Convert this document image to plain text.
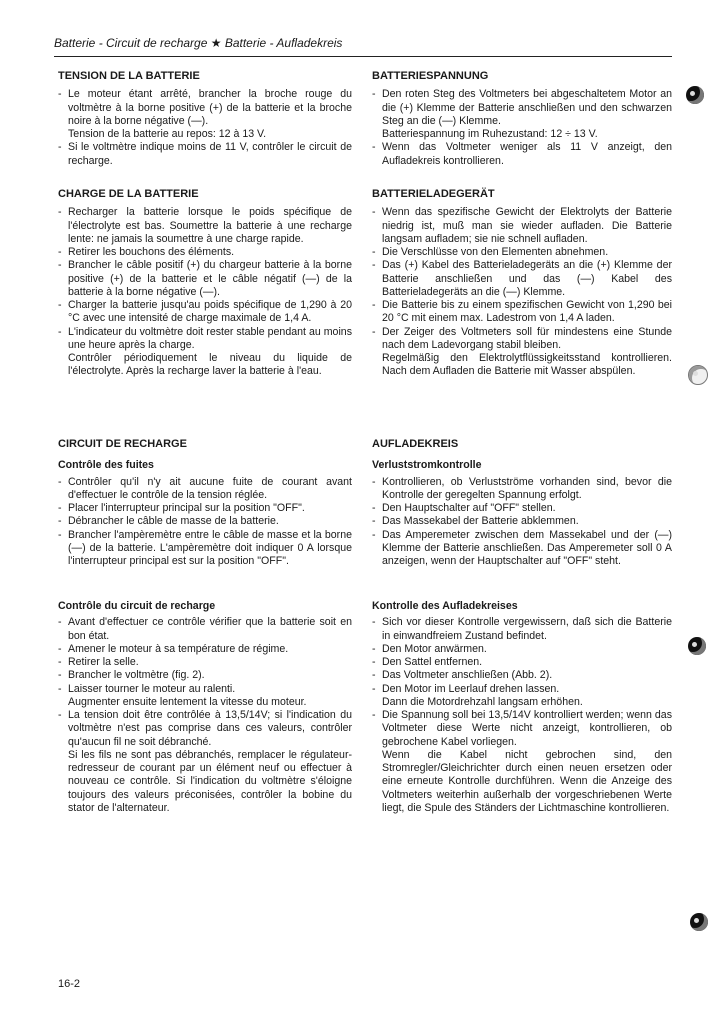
Batterie - Circuit de recharge ★ Batterie - Aufladekreis
TENSION DE LA BATTERIE
- Le moteur étant arrêté, brancher la broche rouge du voltmètre à la borne positive (+) de la batterie et la broche noire à la borne négative (—).
Tension de la batterie au repos: 12 à 13 V.
- Si le voltmètre indique moins de 11 V, contrôler le circuit de recharge.
CHARGE DE LA BATTERIE
- Recharger la batterie lorsque le poids spécifique de l'électrolyte est bas. Soumettre la batterie à une recharge lente: ne jamais la soumettre à une charge rapide.
- Retirer les bouchons des éléments.
- Brancher le câble positif (+) du chargeur batterie à la borne positive (+) de la batterie et le câble négatif (—) de la batterie à la borne négative (—).
- Charger la batterie jusqu'au poids spécifique de 1,290 à 20 °C avec une intensité de charge maximale de 1,4 A.
- L'indicateur du voltmètre doit rester stable pendant au moins une heure après la charge.
Contrôler périodiquement le niveau du liquide de l'électrolyte. Après la recharge laver la batterie à l'eau.
CIRCUIT DE RECHARGE
Contrôle des fuites
- Contrôler qu'il n'y ait aucune fuite de courant avant d'effectuer le contrôle de la tension réglée.
- Placer l'interrupteur principal sur la position "OFF".
- Débrancher le câble de masse de la batterie.
- Brancher l'ampèremètre entre le câble de masse et la borne (—) de la batterie. L'ampèremètre doit indiquer 0 A lorsque l'interrupteur principal est sur la position "OFF".
Contrôle du circuit de recharge
- Avant d'effectuer ce contrôle vérifier que la batterie soit en bon état.
- Amener le moteur à sa température de régime.
- Retirer la selle.
- Brancher le voltmètre (fig. 2).
- Laisser tourner le moteur au ralenti.
Augmenter ensuite lentement la vitesse du moteur.
- La tension doit être contrôlée à 13,5/14V; si l'indication du voltmètre n'est pas comprise dans ces valeurs, contrôler qu'aucun fil ne soit débranché.
Si les fils ne sont pas débranchés, remplacer le régulateur-redresseur de courant par un élément neuf ou effectuer à nouveau ce contrôle. Si l'indication du voltmètre s'éloigne toujours des valeurs préconisées, contrôler la bobine du stator de l'alternateur.
BATTERIESPANNUNG
- Den roten Steg des Voltmeters bei abgeschaltetem Motor an die (+) Klemme der Batterie anschließen und den schwarzen Steg an die (—) Klemme.
Batteriespannung im Ruhezustand: 12 ÷ 13 V.
- Wenn das Voltmeter weniger als 11 V anzeigt, den Aufladekreis kontrollieren.
BATTERIELADEGERÄT
- Wenn das spezifische Gewicht der Elektrolyts der Batterie niedrig ist, muß man sie wieder aufladen. Die Batterie langsam aufladem; sie nie schnell aufladen.
- Die Verschlüsse von den Elementen abnehmen.
- Das (+) Kabel des Batterieladegeräts an die (+) Klemme der Batterie anschließen und das (—) Kabel des Batterieladegeräts an die (—) Klemme.
- Die Batterie bis zu einem spezifischen Gewicht von 1,290 bei 20 °C mit einem max. Ladestrom von 1,4 A laden.
- Der Zeiger des Voltmeters soll für mindestens eine Stunde nach dem Ladevorgang stabil bleiben.
Regelmäßig den Elektrolytflüssigkeitsstand kontrollieren. Nach dem Aufladen die Batterie mit Wasser abspülen.
AUFLADEKREIS
Verluststromkontrolle
- Kontrollieren, ob Verlustströme vorhanden sind, bevor die Kontrolle der geregelten Spannung erfolgt.
- Den Hauptschalter auf "OFF" stellen.
- Das Massekabel der Batterie abklemmen.
- Das Amperemeter zwischen dem Massekabel und der (—) Klemme der Batterie anschließen. Das Amperemeter soll 0 A anzeigen, wenn der Hauptschalter auf "OFF" steht.
Kontrolle des Aufladekreises
- Sich vor dieser Kontrolle vergewissern, daß sich die Batterie in einwandfreiem Zustand befindet.
- Den Motor anwärmen.
- Den Sattel entfernen.
- Das Voltmeter anschließen (Abb. 2).
- Den Motor im Leerlauf drehen lassen.
Dann die Motordrehzahl langsam erhöhen.
- Die Spannung soll bei 13,5/14V kontrolliert werden; wenn das Voltmeter diese Werte nicht anzeigt, kontrollieren, ob gebrochene Kabel vorliegen.
Wenn die Kabel nicht gebrochen sind, den Stromregler/Gleichrichter durch einen neuen ersetzen oder eine erneute Kontrolle durchführen. Wenn die Anzeige des Voltmeters weiterhin außerhalb der vorgeschriebenen Werte liegt, die Spule des Ständers der Lichtmaschine kontrollieren.
16-2
